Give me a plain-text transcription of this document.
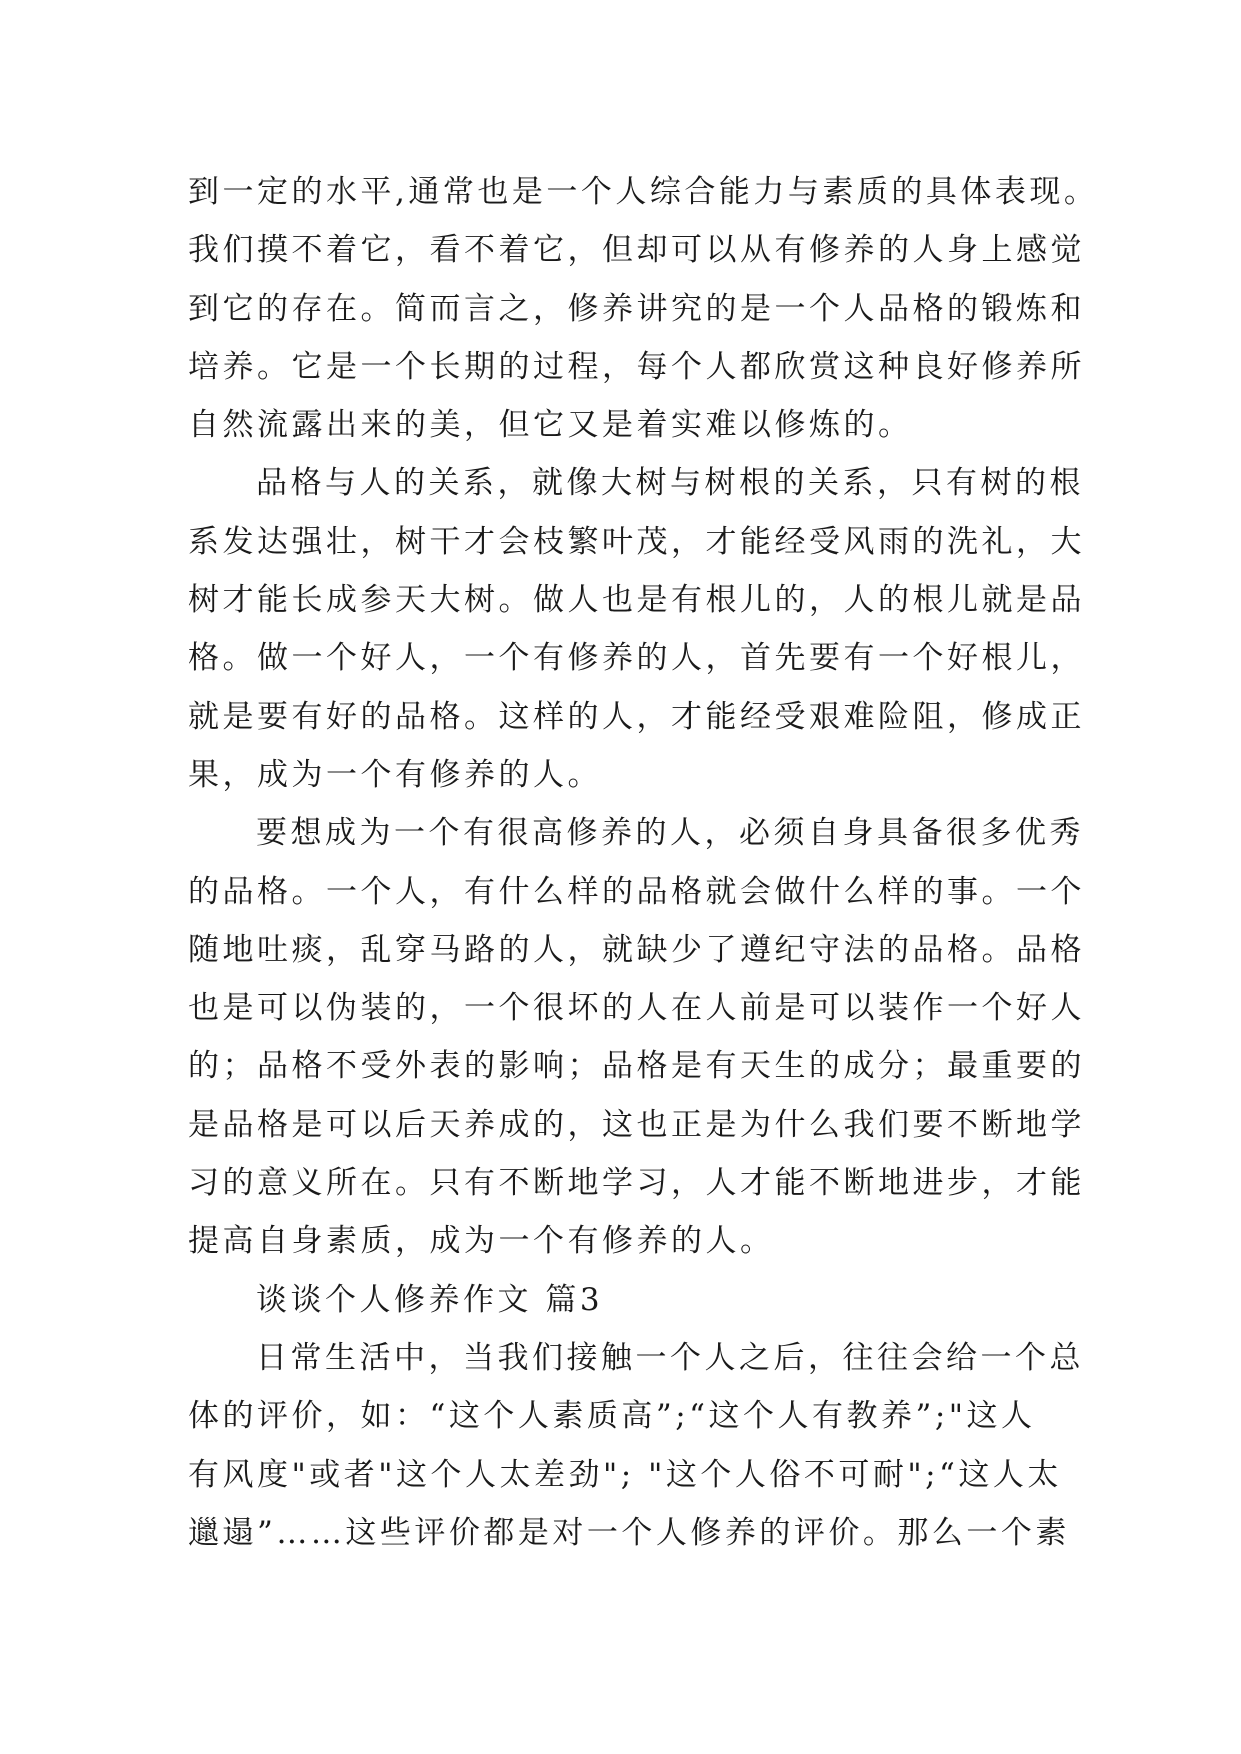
到一定的水平,通常也是一个人综合能力与素质的具体表现。

我们摸不着它，看不着它，但却可以从有修养的人身上感觉

到它的存在。简而言之，修养讲究的是一个人品格的锻炼和

培养。它是一个长期的过程，每个人都欣赏这种良好修养所

自然流露出来的美，但它又是着实难以修炼的。

品格与人的关系，就像大树与树根的关系，只有树的根

系发达强壮，树干才会枝繁叶茂，才能经受风雨的洗礼，大

树才能长成参天大树。做人也是有根儿的，人的根儿就是品

格。做一个好人，一个有修养的人，首先要有一个好根儿，

就是要有好的品格。这样的人，才能经受艰难险阻，修成正

果，成为一个有修养的人。

要想成为一个有很高修养的人，必须自身具备很多优秀

的品格。一个人，有什么样的品格就会做什么样的事。一个

随地吐痰，乱穿马路的人，就缺少了遵纪守法的品格。品格

也是可以伪装的，一个很坏的人在人前是可以装作一个好人

的；品格不受外表的影响；品格是有天生的成分；最重要的

是品格是可以后天养成的，这也正是为什么我们要不断地学

习的意义所在。只有不断地学习，人才能不断地进步，才能

提高自身素质，成为一个有修养的人。

谈谈个人修养作文 篇3

日常生活中，当我们接触一个人之后，往往会给一个总

体的评价，如：“这个人素质高”;“这个人有教养”;"这人

有风度"或者"这个人太差劲"; "这个人俗不可耐";“这人太

邋遢”……这些评价都是对一个人修养的评价。那么一个素
